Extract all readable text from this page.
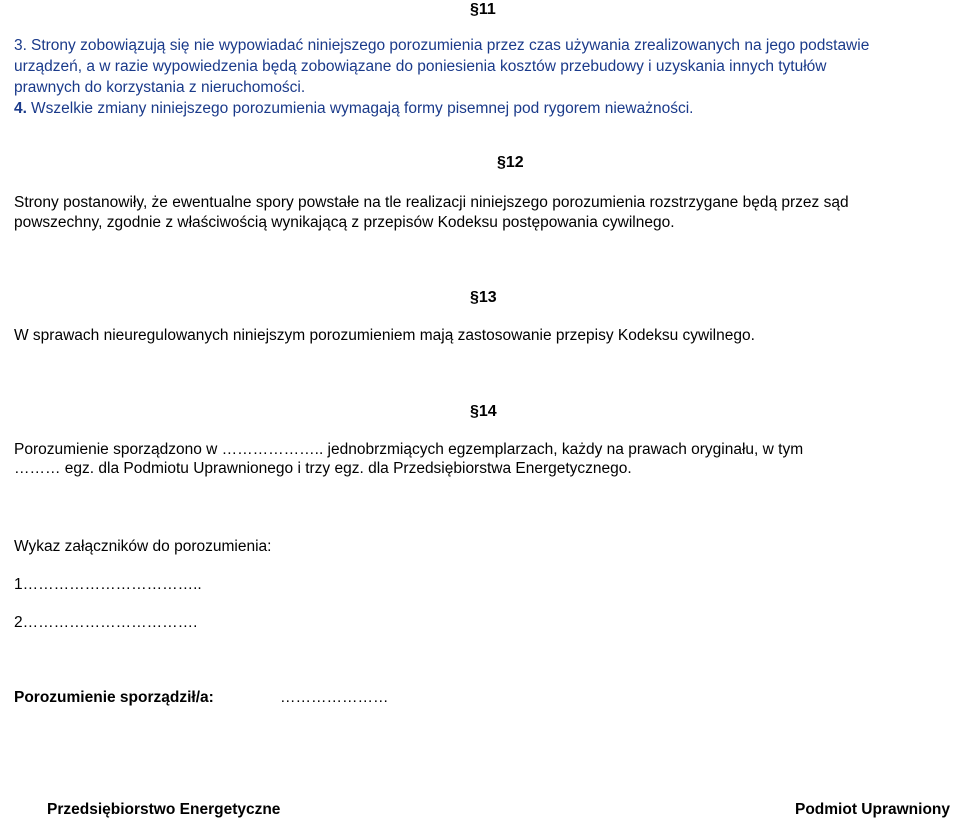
§11
3. Strony zobowiązują się nie wypowiadać niniejszego porozumienia przez czas używania zrealizowanych na jego podstawie
urządzeń, a w razie wypowiedzenia będą zobowiązane do poniesienia kosztów przebudowy i uzyskania innych tytułów
prawnych do korzystania z nieruchomości.
4. Wszelkie zmiany niniejszego porozumienia wymagają formy pisemnej pod rygorem nieważności.
§12
Strony postanowiły, że ewentualne spory powstałe na tle realizacji niniejszego porozumienia rozstrzygane będą przez sąd
powszechny, zgodnie z właściwością wynikającą z przepisów Kodeksu postępowania cywilnego.
§13
W sprawach nieuregulowanych niniejszym porozumieniem mają zastosowanie przepisy Kodeksu cywilnego.
§14
Porozumienie sporządzono w ……………….. jednobrzmiących egzemplarzach, każdy na prawach oryginału, w tym
……… egz. dla Podmiotu Uprawnionego i trzy egz. dla Przedsiębiorstwa Energetycznego.
Wykaz załączników do porozumienia:
1……………………………..
2…………………………….
Porozumienie sporządził/a:	…………………
Przedsiębiorstwo Energetyczne	Podmiot Uprawniony
